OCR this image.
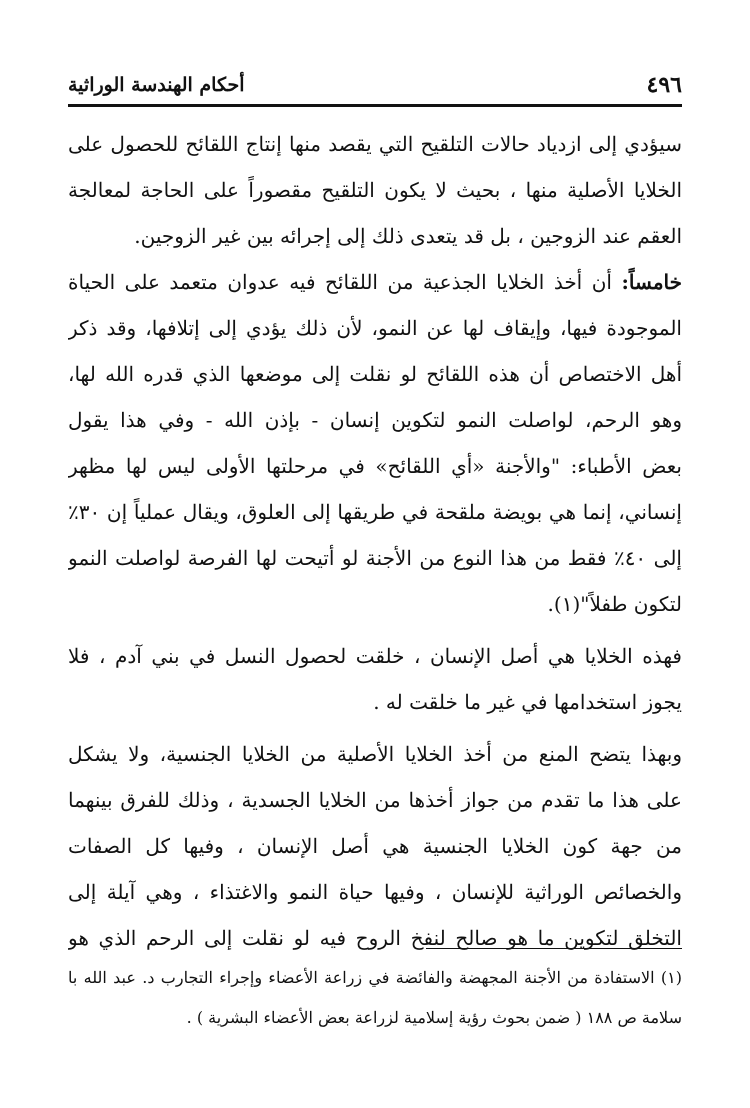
٤٩٦
أحكام الهندسة الوراثية
سيؤدي إلى ازدياد حالات التلقيح التي يقصد منها إنتاج اللقائح للحصول على
الخلايا الأصلية منها ، بحيث لا يكون التلقيح مقصوراً على الحاجة لمعالجة
العقم عند الزوجين ، بل قد يتعدى ذلك إلى إجرائه بين غير الزوجين.
خامساً: أن أخذ الخلايا الجذعية من اللقائح فيه عدوان متعمد على الحياة
الموجودة فيها، وإيقاف لها عن النمو، لأن ذلك يؤدي إلى إتلافها، وقد ذكر
أهل الاختصاص أن هذه اللقائح لو نقلت إلى موضعها الذي قدره الله لها،
وهو الرحم، لواصلت النمو لتكوين إنسان - بإذن الله - وفي هذا يقول
بعض الأطباء: "والأجنة «أي اللقائح» في مرحلتها الأولى ليس لها مظهر
إنساني، إنما هي بويضة ملقحة في طريقها إلى العلوق، ويقال عملياً إن ٣٠٪
إلى ٤٠٪ فقط من هذا النوع من الأجنة لو أتيحت لها الفرصة لواصلت النمو
لتكون طفلاً"(١).
فهذه الخلايا هي أصل الإنسان ، خلقت لحصول النسل في بني آدم ، فلا
يجوز استخدامها في غير ما خلقت له .
وبهذا يتضح المنع من أخذ الخلايا الأصلية من الخلايا الجنسية، ولا يشكل
على هذا ما تقدم من جواز أخذها من الخلايا الجسدية ، وذلك للفرق بينهما
من جهة كون الخلايا الجنسية هي أصل الإنسان ، وفيها كل الصفات
والخصائص الوراثية للإنسان ، وفيها حياة النمو والاغتذاء ، وهي آيلة إلى
التخلق لتكوين ما هو صالح لنفخ الروح فيه لو نقلت إلى الرحم الذي هو
(١) الاستفادة من الأجنة المجهضة والفائضة في زراعة الأعضاء وإجراء التجارب د. عبد الله با
سلامة ص ١٨٨ ( ضمن بحوث رؤية إسلامية لزراعة بعض الأعضاء البشرية ) .
